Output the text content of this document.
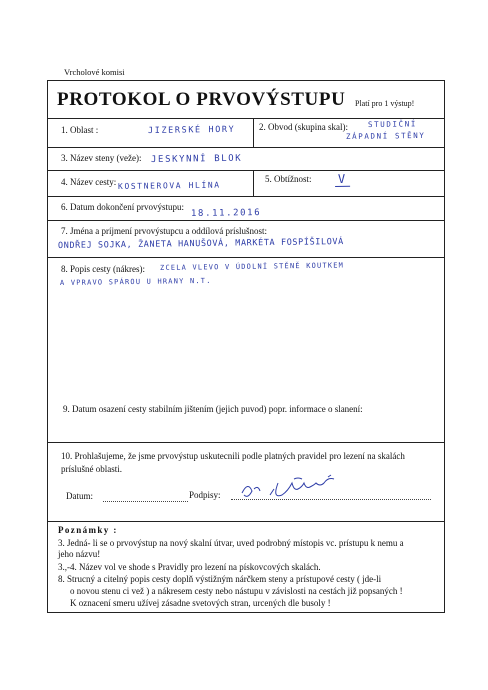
Vrcholové komisi
PROTOKOL O PRVOVÝSTUPU Platí pro 1 výstup!
1. Oblast :	JIZERSKÉ HORY	2. Obvod (skupina skal):	STUDIČNÍ
ZÁPADNÍ STĚNY
3. Název steny (veže): JESKYNNÍ BLOK
4. Název cesty: KOSTNEROVA HLÍNA
5. Obtížnost: V
6. Datum dokončení prvovýstupu:
18.11.2016
7. Jména a príjmení prvovýstupcu a oddílová príslušnost:
ONDŘEJ SOJKA, ŽANETA HANUŠOVÁ, MARKÉTA FOSPÍŠILOVÁ
8. Popis cesty (nákres): ZCELA VLEVO V ÚDOLNÍ STĚNĚ KOUTKEM
A VPRAVO SPÁROU U HRANY N.T.
9. Datum osazení cesty stabilním jištením (jejich puvod) popr. informace o slanení:
10. Prohlašujeme, že jsme prvovýstup uskutecnili podle platných pravidel pro lezení na skalách
príslušné oblasti.
Datum:	Podpisy:
Poznámky :
3. Jedná- li se o prvovýstup na nový skalní útvar, uved podrobný místopis vc. prístupu k nemu a
jeho názvu!
3.,-4. Název vol ve shode s Pravidly pro lezení na pískovcových skalách.
8. Strucný a citelný popis cesty doplň výstižným nárčkem steny a prístupové cesty ( jde-li
o novou stenu ci vež ) a nákresem cesty nebo nástupu v závislosti na cestách již popsaných !
K oznacení smeru užívej zásadne svetových stran, urcených dle busoly !
